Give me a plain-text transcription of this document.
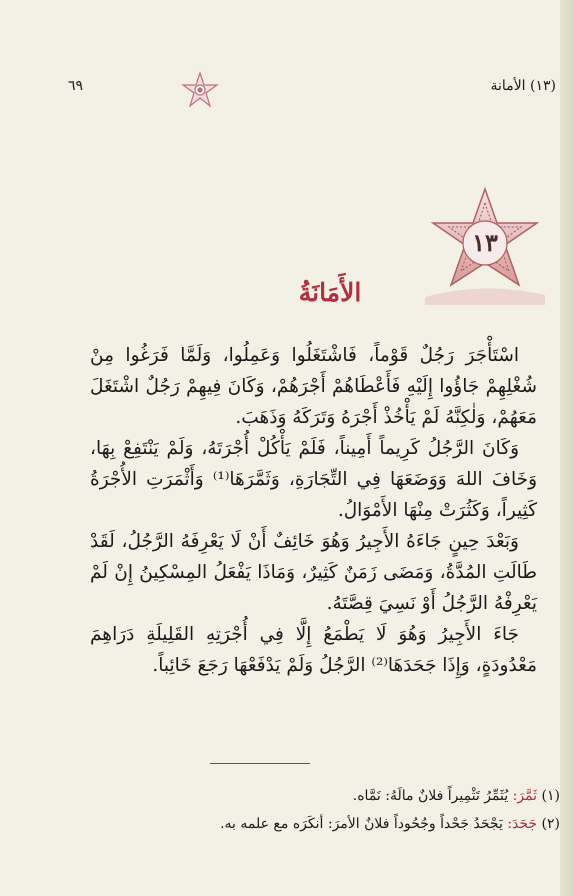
(١٣) الأمانة
٦٩
١٣
الأَمَانَةُ

اسْتَأْجَرَ رَجُلٌ قَوْماً، فَاشْتَغَلُوا وَعَمِلُوا، وَلَمَّا فَرَغُوا مِنْ شُغْلِهِمْ جَاؤُوا إِلَيْهِ فَأَعْطَاهُمْ أَجْرَهُمْ، وَكَانَ فِيهِمْ رَجُلٌ اشْتَغَلَ مَعَهُمْ، وَلٰكِنَّهُ لَمْ يَأْخُذْ أَجْرَهُ وَتَرَكَهُ وَذَهَبَ.

وَكَانَ الرَّجُلُ كَرِيماً أَمِيناً، فَلَمْ يَأْكُلْ أُجْرَتَهُ، وَلَمْ يَنْتَفِعْ بِهَا، وَخَافَ اللهَ وَوَضَعَهَا فِي التِّجَارَةِ، وَثَمَّرَهَا⁽¹⁾ وَأَثْمَرَتِ الأُجْرَةُ كَثِيراً، وَكَثُرَتْ مِنْهَا الأَمْوَالُ.

وَبَعْدَ حِينٍ جَاءَهُ الأَجِيرُ وَهُوَ خَائِفٌ أَنْ لَا يَعْرِفَهُ الرَّجُلُ، لَقَدْ طَالَتِ المُدَّةُ، وَمَضَى زَمَنٌ كَثِيرٌ، وَمَاذَا يَفْعَلُ المِسْكِينُ إِنْ لَمْ يَعْرِفْهُ الرَّجُلُ أَوْ نَسِيَ قِصَّتَهُ.

جَاءَ الأَجِيرُ وَهُوَ لَا يَطْمَعُ إِلَّا فِي أُجْرَتِهِ القَلِيلَةِ دَرَاهِمَ مَعْدُودَةٍ، وَإِذَا جَحَدَهَا⁽²⁾ الرَّجُلُ وَلَمْ يَدْفَعْهَا رَجَعَ خَائِباً.

(١) ثَمَّرَ: يُثَمِّرُ تَثْمِيراً فلانٌ مالَهُ: نَمَّاه.
(٢) جَحَدَ: يَجْحَدُ جَحْداً وجُحُوداً فلانٌ الأمرَ: أنكَرَه مع علمه به.
